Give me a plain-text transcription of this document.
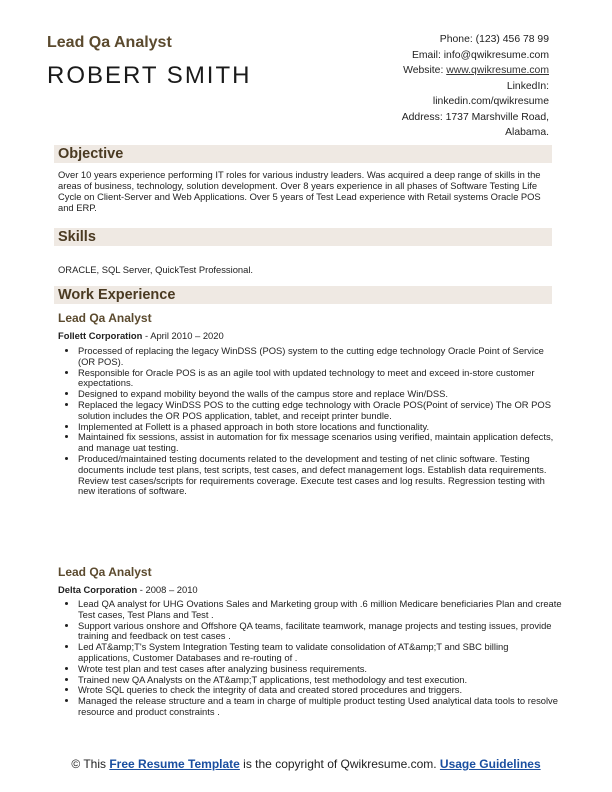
Lead Qa Analyst
ROBERT SMITH
Phone: (123) 456 78 99
Email: info@qwikresume.com
Website: www.qwikresume.com
LinkedIn:
linkedin.com/qwikresume
Address: 1737 Marshville Road,
Alabama.
Objective
Over 10 years experience performing IT roles for various industry leaders. Was acquired a deep range of skills in the areas of business, technology, solution development. Over 8 years experience in all phases of Software Testing Life Cycle on Client-Server and Web Applications. Over 5 years of Test Lead experience with Retail systems Oracle POS and ERP.
Skills
ORACLE, SQL Server, QuickTest Professional.
Work Experience
Lead Qa Analyst
Follett Corporation - April 2010 – 2020
• Processed of replacing the legacy WinDSS (POS) system to the cutting edge technology Oracle Point of Service (OR POS).
• Responsible for Oracle POS is as an agile tool with updated technology to meet and exceed in-store customer expectations.
• Designed to expand mobility beyond the walls of the campus store and replace Win/DSS.
• Replaced the legacy WinDSS POS to the cutting edge technology with Oracle POS(Point of service) The OR POS solution includes the OR POS application, tablet, and receipt printer bundle.
• Implemented at Follett is a phased approach in both store locations and functionality.
• Maintained fix sessions, assist in automation for fix message scenarios using verified, maintain application defects, and manage uat testing.
• Produced/maintained testing documents related to the development and testing of net clinic software. Testing documents include test plans, test scripts, test cases, and defect management logs. Establish data requirements. Review test cases/scripts for requirements coverage. Execute test cases and log results. Regression testing with new iterations of software.
Lead Qa Analyst
Delta Corporation - 2008 – 2010
• Lead QA analyst for UHG Ovations Sales and Marketing group with .6 million Medicare beneficiaries Plan and create Test cases, Test Plans and Test .
• Support various onshore and Offshore QA teams, facilitate teamwork, manage projects and testing issues, provide training and feedback on test cases .
• Led AT&amp;T's System Integration Testing team to validate consolidation of AT&amp;T and SBC billing applications, Customer Databases and re-routing of .
• Wrote test plan and test cases after analyzing business requirements.
• Trained new QA Analysts on the AT&amp;T applications, test methodology and test execution.
• Wrote SQL queries to check the integrity of data and created stored procedures and triggers.
• Managed the release structure and a team in charge of multiple product testing Used analytical data tools to resolve resource and product constraints .
© This Free Resume Template is the copyright of Qwikresume.com. Usage Guidelines
